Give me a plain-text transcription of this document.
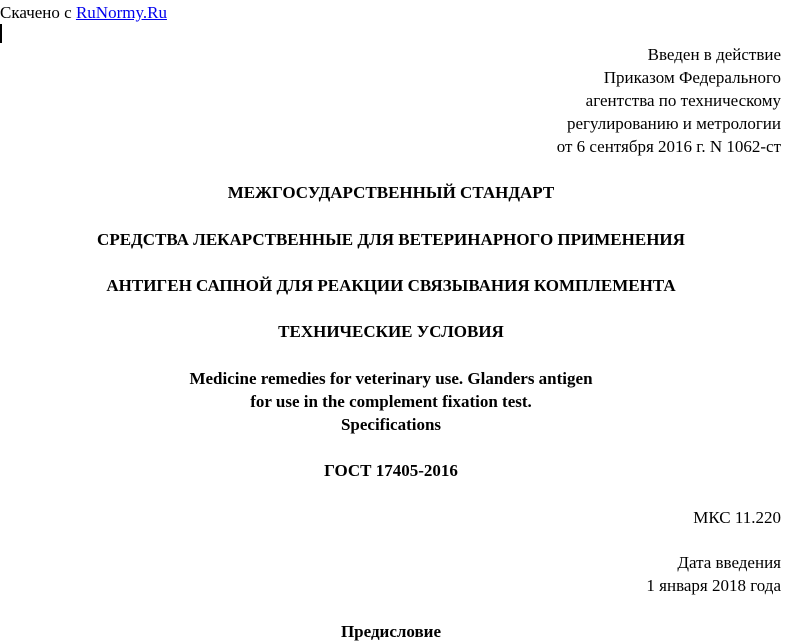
Скачено с RuNormy.Ru
Введен в действие
Приказом Федерального
агентства по техническому
регулированию и метрологии
от 6 сентября 2016 г. N 1062-ст
МЕЖГОСУДАРСТВЕННЫЙ СТАНДАРТ
СРЕДСТВА ЛЕКАРСТВЕННЫЕ ДЛЯ ВЕТЕРИНАРНОГО ПРИМЕНЕНИЯ
АНТИГЕН САПНОЙ ДЛЯ РЕАКЦИИ СВЯЗЫВАНИЯ КОМПЛЕМЕНТА
ТЕХНИЧЕСКИЕ УСЛОВИЯ
Medicine remedies for veterinary use. Glanders antigen
for use in the complement fixation test.
Specifications
ГОСТ 17405-2016
МКС 11.220
Дата введения
1 января 2018 года
Предисловие
